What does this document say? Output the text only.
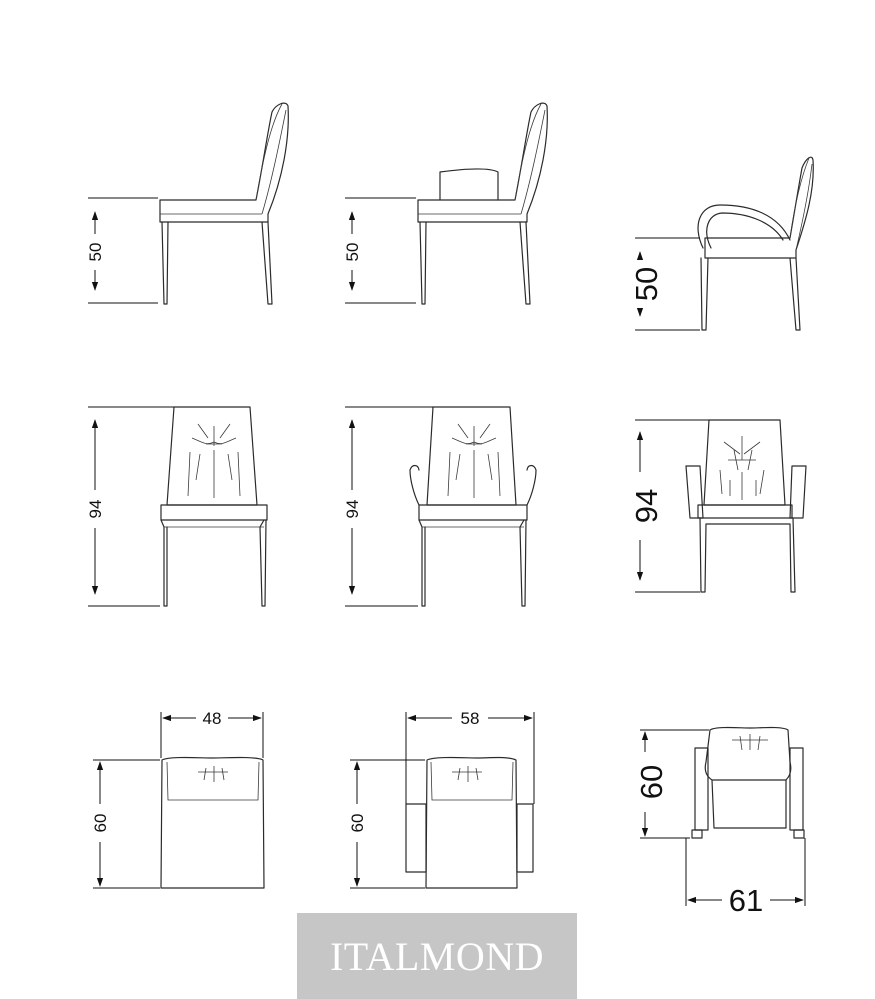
50	50
50
94	94	94
48
60
58
60
60
61
ITALMOND
